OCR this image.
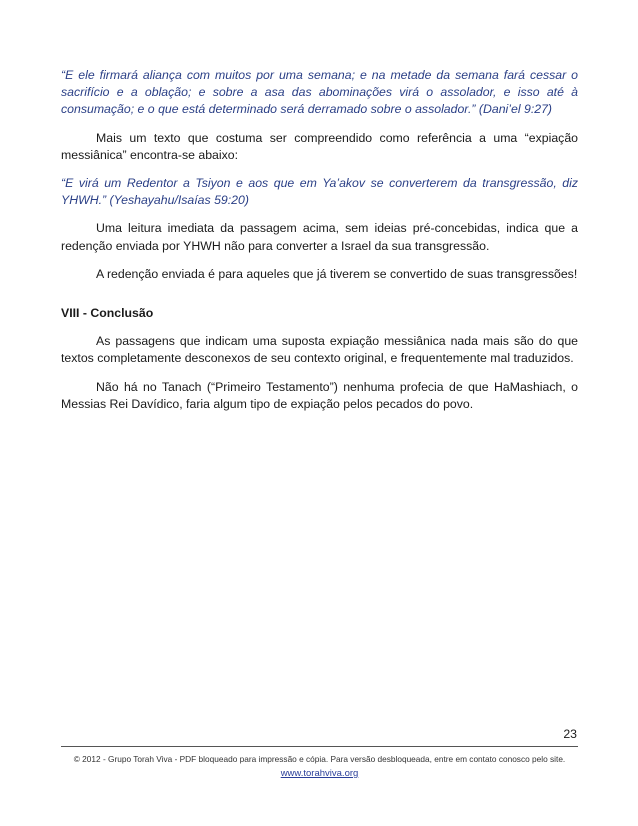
“E ele firmará aliança com muitos por uma semana; e na metade da semana fará cessar o sacrifício e a oblação; e sobre a asa das abominações virá o assolador, e isso até à consumação; e o que está determinado será derramado sobre o assolador.” (Dani’el 9:27)

Mais um texto que costuma ser compreendido como referência a uma “expiação messiânica” encontra-se abaixo:

“E virá um Redentor a Tsiyon e aos que em Ya’akov se converterem da transgressão, diz YHWH.” (Yeshayahu/Isaías 59:20)

Uma leitura imediata da passagem acima, sem ideias pré-concebidas, indica que a redenção enviada por YHWH não para converter a Israel da sua transgressão.

A redenção enviada é para aqueles que já tiverem se convertido de suas transgressões!

VIII - Conclusão

As passagens que indicam uma suposta expiação messiânica nada mais são do que textos completamente desconexos de seu contexto original, e frequentemente mal traduzidos.

Não há no Tanach (“Primeiro Testamento”) nenhuma profecia de que HaMashiach, o Messias Rei Davídico, faria algum tipo de expiação pelos pecados do povo.

23
© 2012 - Grupo Torah Viva - PDF bloqueado para impressão e cópia. Para versão desbloqueada, entre em contato conosco pelo site.
www.torahviva.org
